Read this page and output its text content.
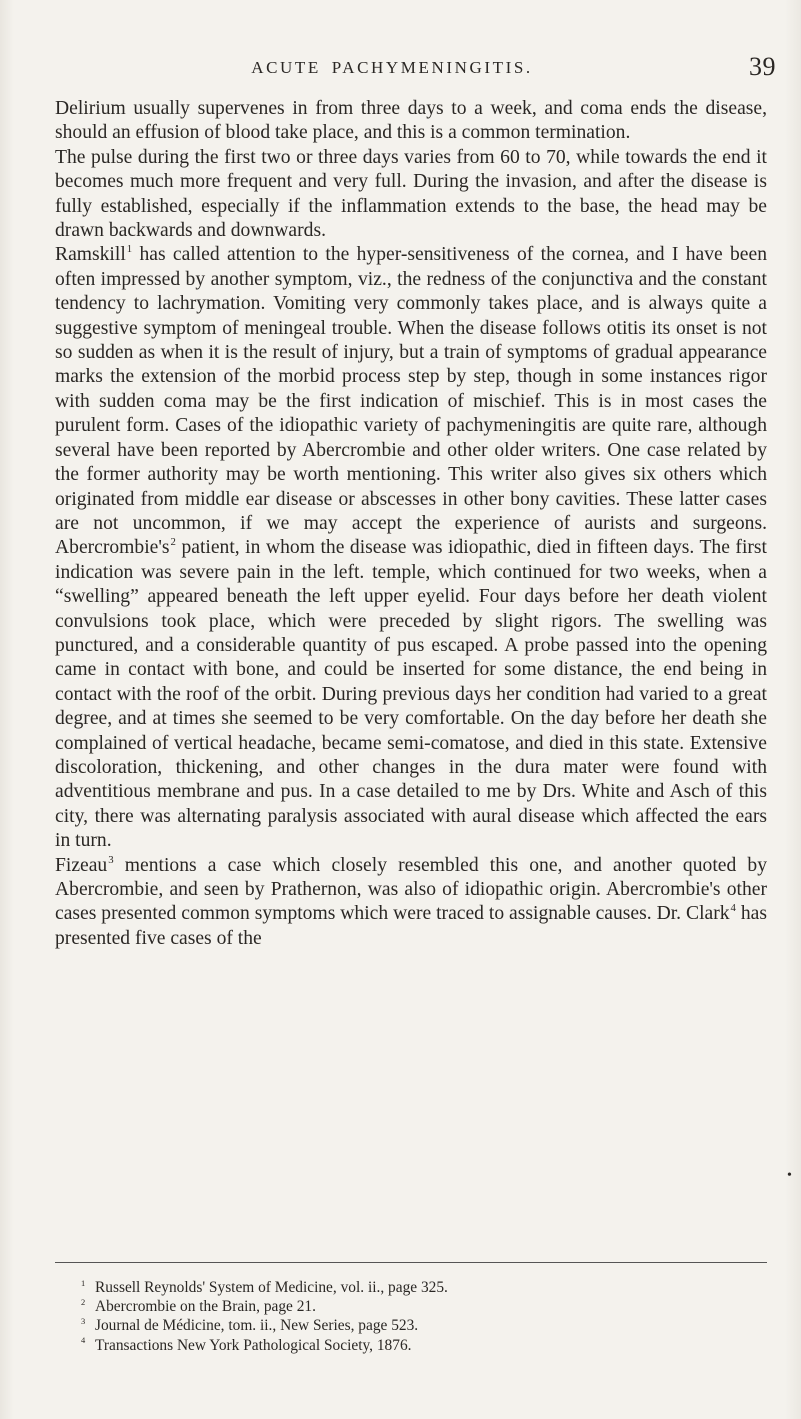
ACUTE PACHYMENINGITIS.	39

Delirium usually supervenes in from three days to a week, and coma ends the disease, should an effusion of blood take place, and this is a common termination.

The pulse during the first two or three days varies from 60 to 70, while towards the end it becomes much more frequent and very full. During the invasion, and after the disease is fully established, especially if the inflammation extends to the base, the head may be drawn backwards and downwards.

Ramskill$^1$ has called attention to the hyper-sensitiveness of the cornea, and I have been often impressed by another symptom, viz., the redness of the conjunctiva and the constant tendency to lachrymation. Vomiting very commonly takes place, and is always quite a suggestive symptom of meningeal trouble. When the disease follows otitis its onset is not so sudden as when it is the result of injury, but a train of symptoms of gradual appearance marks the extension of the morbid process step by step, though in some instances rigor with sudden coma may be the first indication of mischief. This is in most cases the purulent form. Cases of the idiopathic variety of pachymeningitis are quite rare, although several have been reported by Abercrombie and other older writers. One case related by the former authority may be worth mentioning. This writer also gives six others which originated from middle ear disease or abscesses in other bony cavities. These latter cases are not uncommon, if we may accept the experience of aurists and surgeons. $Abercrombie's^2$ patient, in whom the disease was idiopathic, died in fifteen days. The first indication was severe pain in the left. temple, which continued for two weeks, when a “swelling” appeared beneath the left upper eyelid. Four days before her death violent convulsions took place, which were preceded by slight rigors. The swelling was punctured, and a considerable quantity of pus escaped. A probe passed into the opening came in contact with bone, and could be inserted for some distance, the end being in contact with the roof of the orbit. During previous days her condition had varied to a great degree, and at times she seemed to be very comfortable. On the day before her death she complained of vertical headache, became semi-comatose, and died in this state. Extensive discoloration, thickening, and other changes in the dura mater were found with adventitious membrane and pus. In a case detailed to me by Drs. White and Asch of this city, there was alternating paralysis associated with aural disease which affected the ears in turn.

Fizeau$^3$ mentions a case which closely resembled this one, and another quoted by Abercrombie, and seen by Prathernon, was also of idiopathic origin. Abercrombie's other cases presented common symptoms which were traced to assignable causes. Dr. Clark$^4$ has presented five cases of the

•

$^1$ Russell Reynolds' System of Medicine, vol. ii., page 325.

$^2$ Abercrombie on the Brain, page 21.

$^3$ Journal de Médicine, tom. ii., New Series, page 523.

$^4$ Transactions New York Pathological Society, 1876.
